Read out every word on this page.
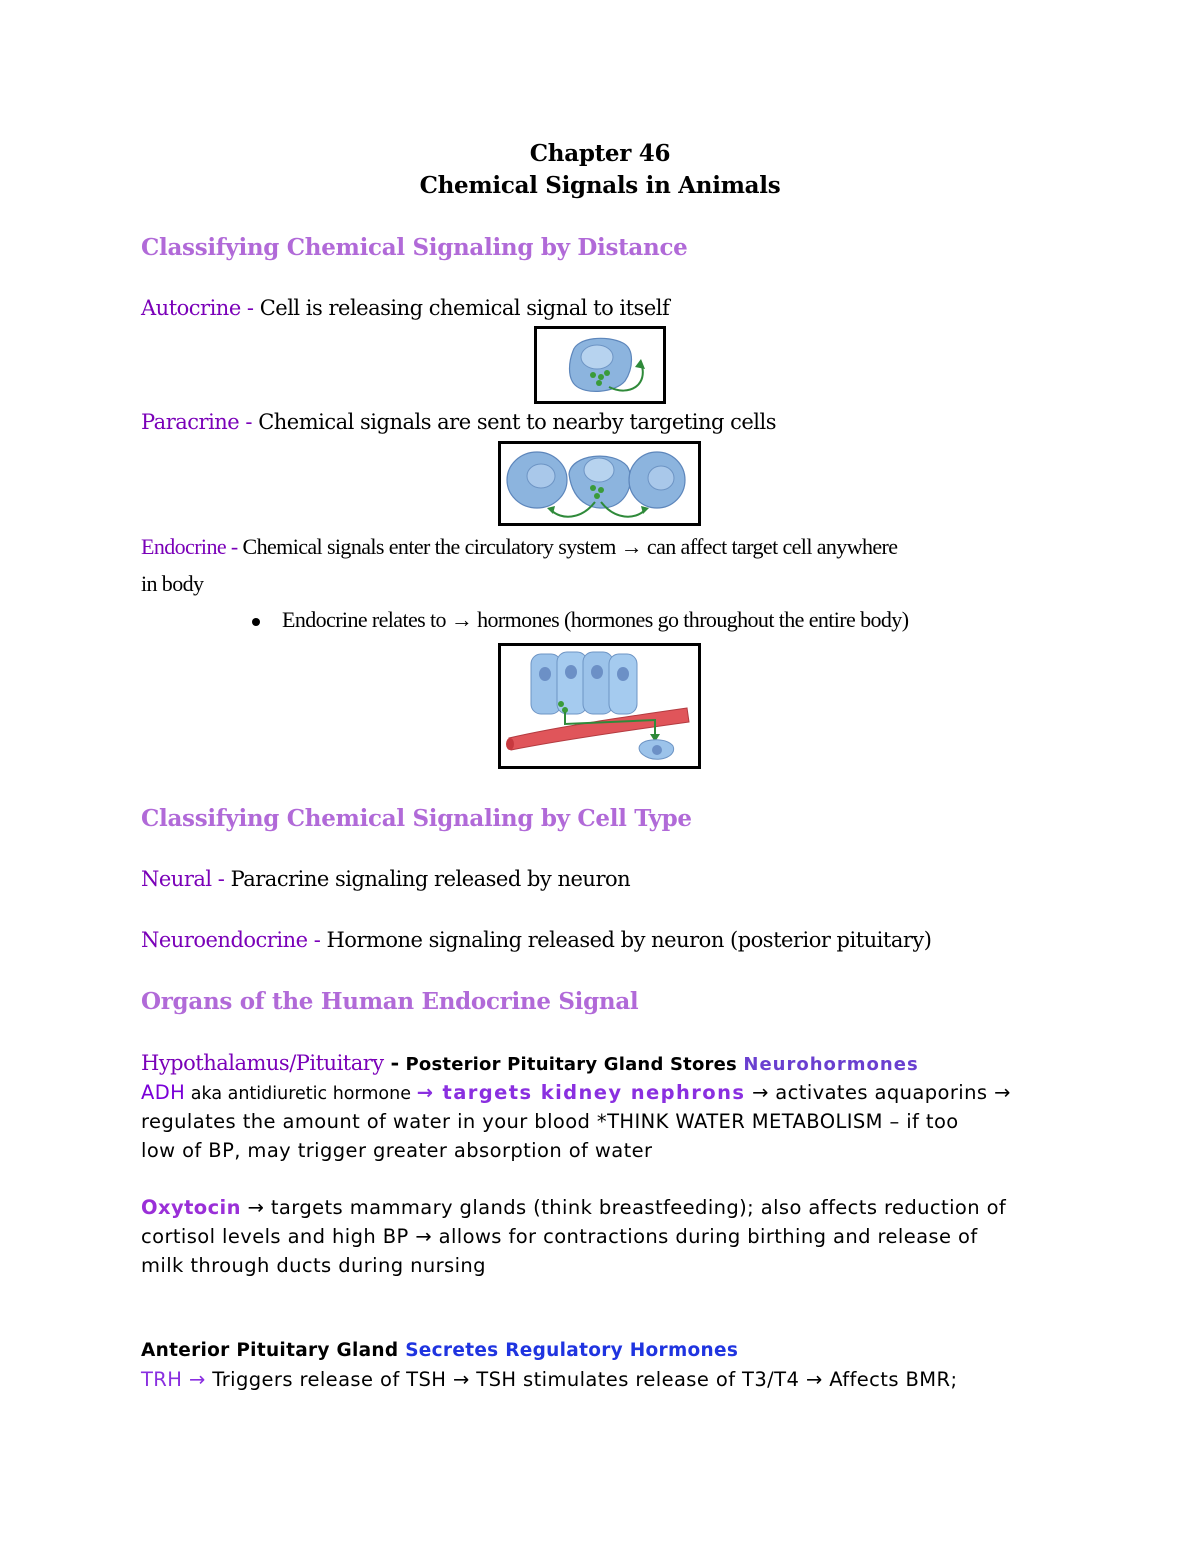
Chapter 46
Chemical Signals in Animals
Classifying Chemical Signaling by Distance
Autocrine - Cell is releasing chemical signal to itself
Paracrine - Chemical signals are sent to nearby targeting cells
Endocrine - Chemical signals enter the circulatory system → can affect target cell anywhere
in body
Endocrine relates to → hormones (hormones go throughout the entire body)
Classifying Chemical Signaling by Cell Type
Neural - Paracrine signaling released by neuron
Neuroendocrine - Hormone signaling released by neuron (posterior pituitary)
Organs of the Human Endocrine Signal
Hypothalamus/Pituitary - Posterior Pituitary Gland Stores Neurohormones
ADH aka antidiuretic hormone → targets kidney nephrons → activates aquaporins →
regulates the amount of water in your blood *THINK WATER METABOLISM – if too
low of BP, may trigger greater absorption of water
Oxytocin → targets mammary glands (think breastfeeding); also affects reduction of
cortisol levels and high BP → allows for contractions during birthing and release of
milk through ducts during nursing
Anterior Pituitary Gland Secretes Regulatory Hormones
TRH → Triggers release of TSH → TSH stimulates release of T3/T4 → Affects BMR;
